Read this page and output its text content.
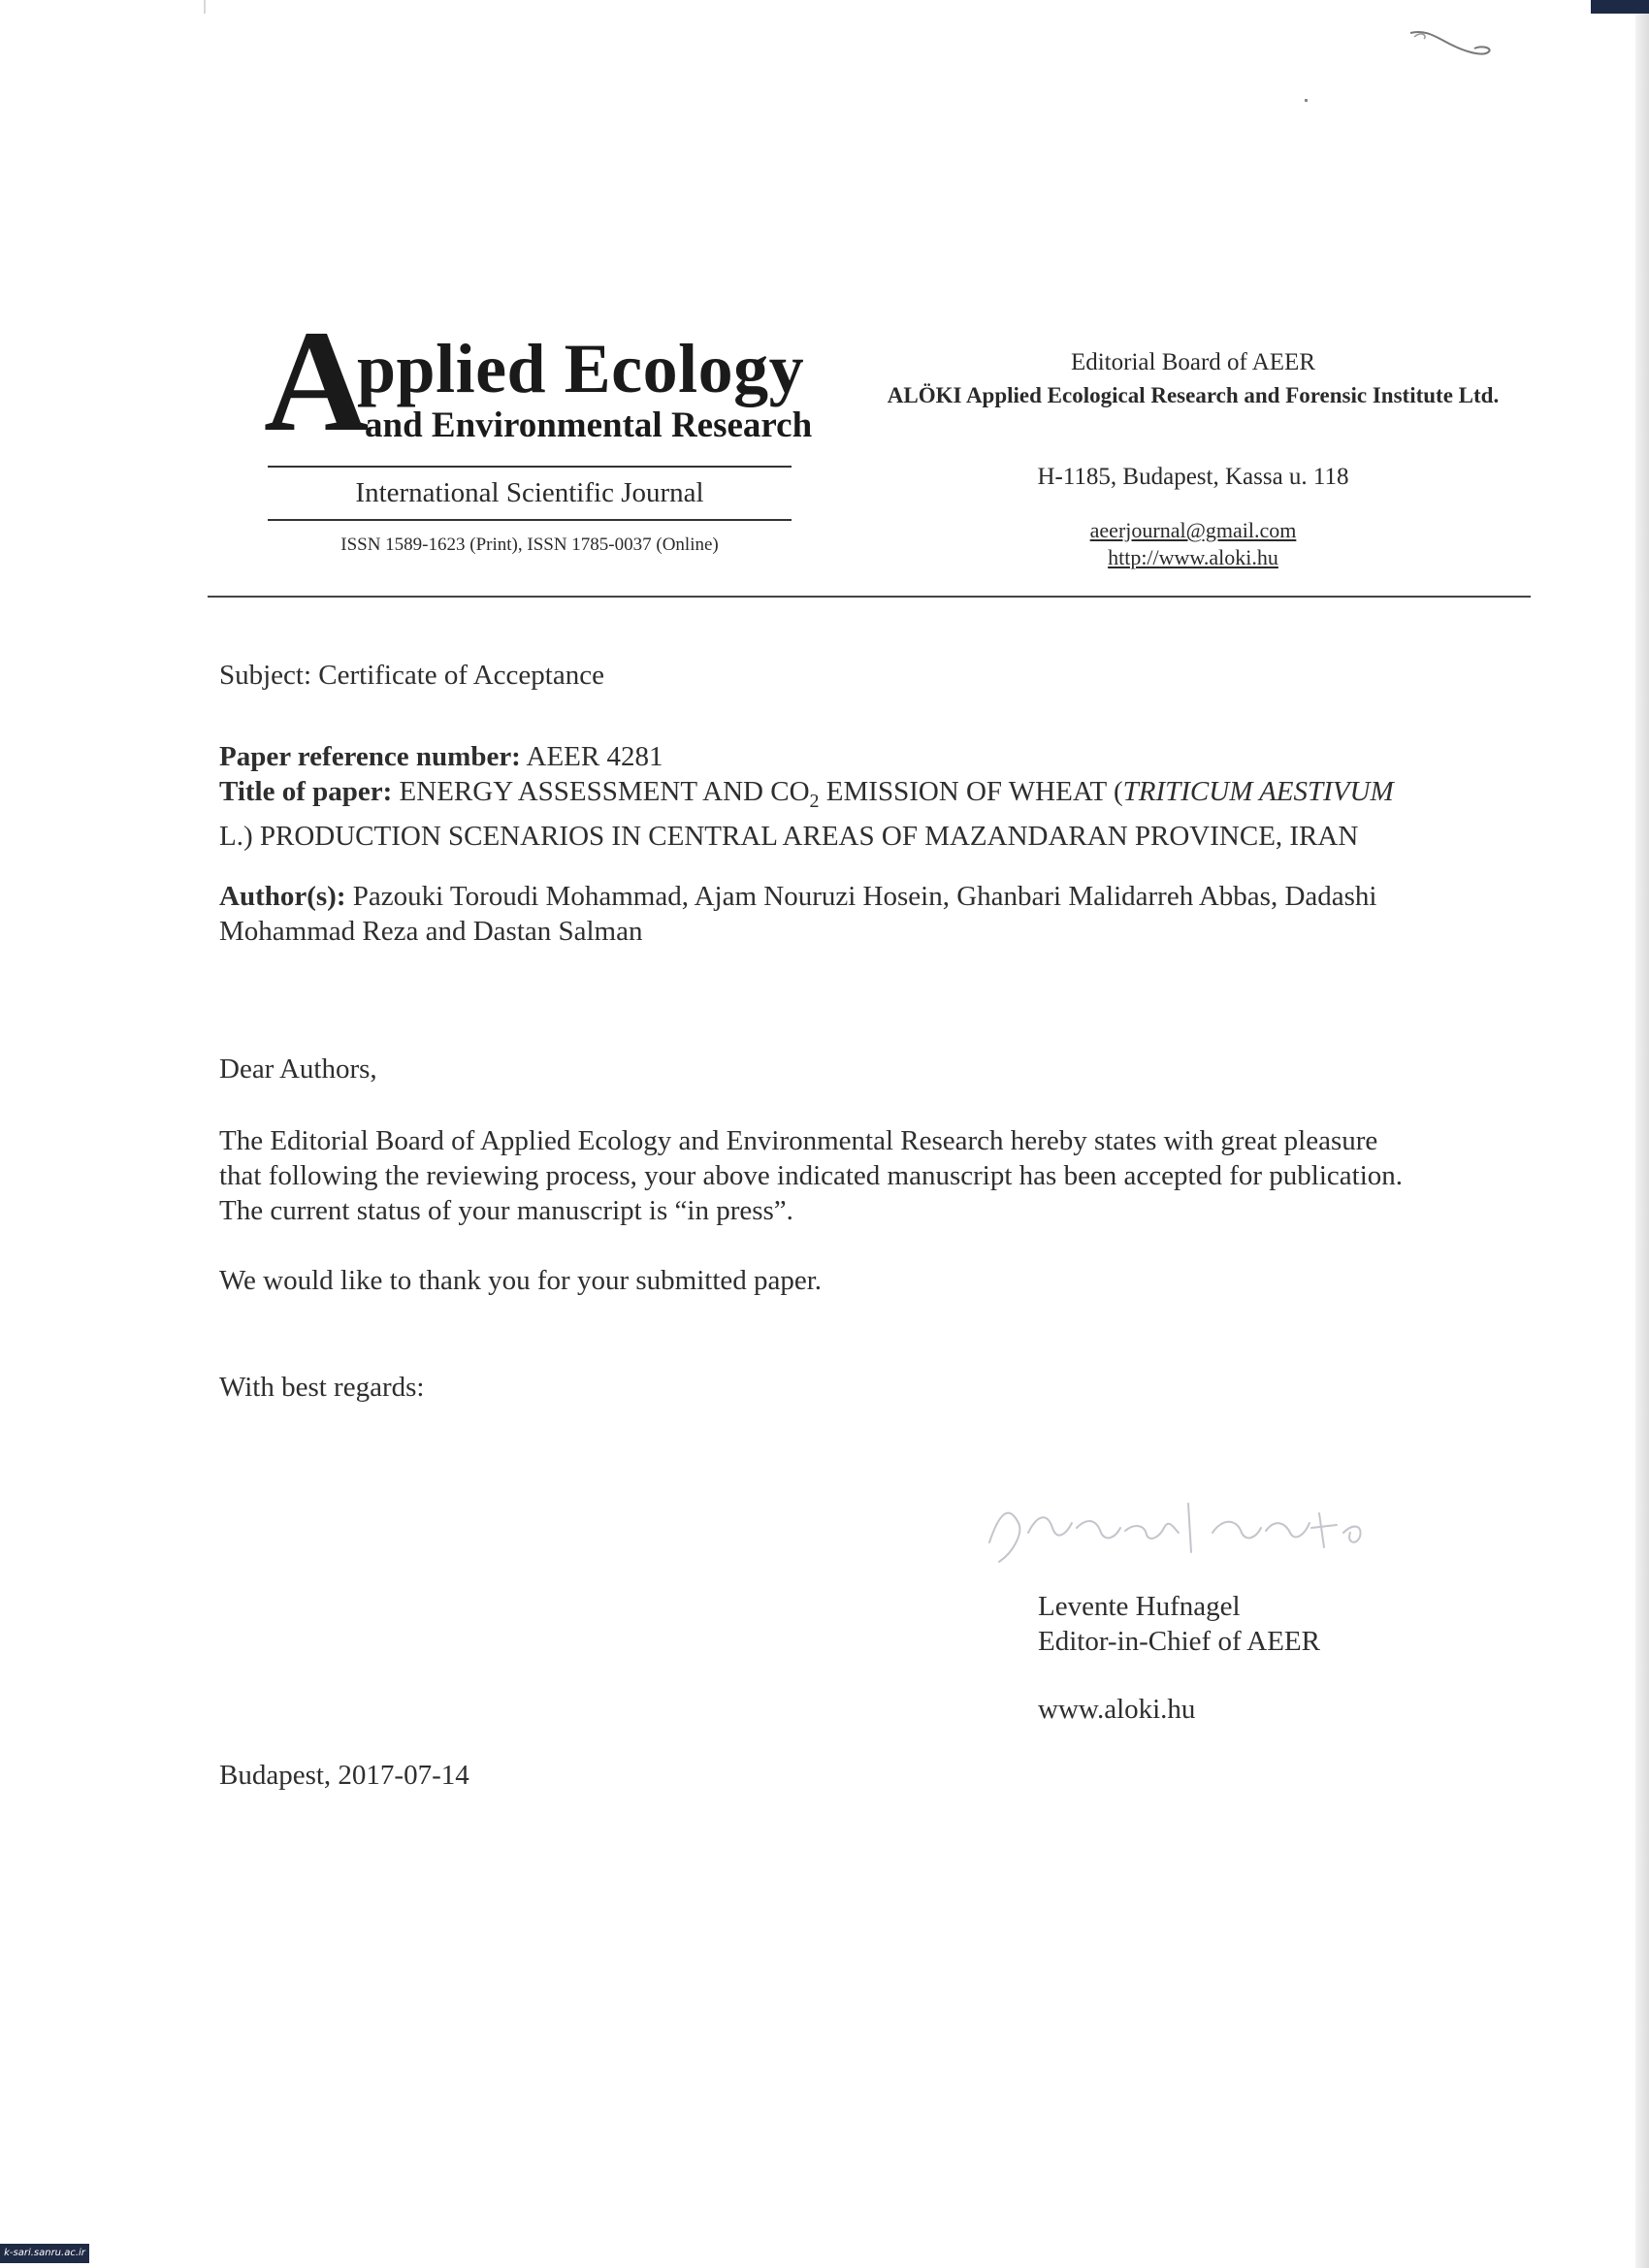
A
pplied Ecology
and Environmental Research
International Scientific Journal
ISSN 1589-1623 (Print), ISSN 1785-0037 (Online)
Editorial Board of AEER
ALÖKI Applied Ecological Research and Forensic Institute Ltd.
H-1185, Budapest, Kassa u. 118
aeerjournal@gmail.com
http://www.aloki.hu
Subject: Certificate of Acceptance
Paper reference number: AEER 4281
Title of paper: ENERGY ASSESSMENT AND $CO_2$ EMISSION OF WHEAT (TRITICUM AESTIVUM L.) PRODUCTION SCENARIOS IN CENTRAL AREAS OF MAZANDARAN PROVINCE, IRAN
Author(s): Pazouki Toroudi Mohammad, Ajam Nouruzi Hosein, Ghanbari Malidarreh Abbas, Dadashi Mohammad Reza and Dastan Salman
Dear Authors,
The Editorial Board of Applied Ecology and Environmental Research hereby states with great pleasure that following the reviewing process, your above indicated manuscript has been accepted for publication. The current status of your manuscript is “in press”.
We would like to thank you for your submitted paper.
With best regards:
Levente Hufnagel
Editor-in-Chief of AEER
www.aloki.hu
Budapest, 2017-07-14
k-sari.sanru.ac.ir
